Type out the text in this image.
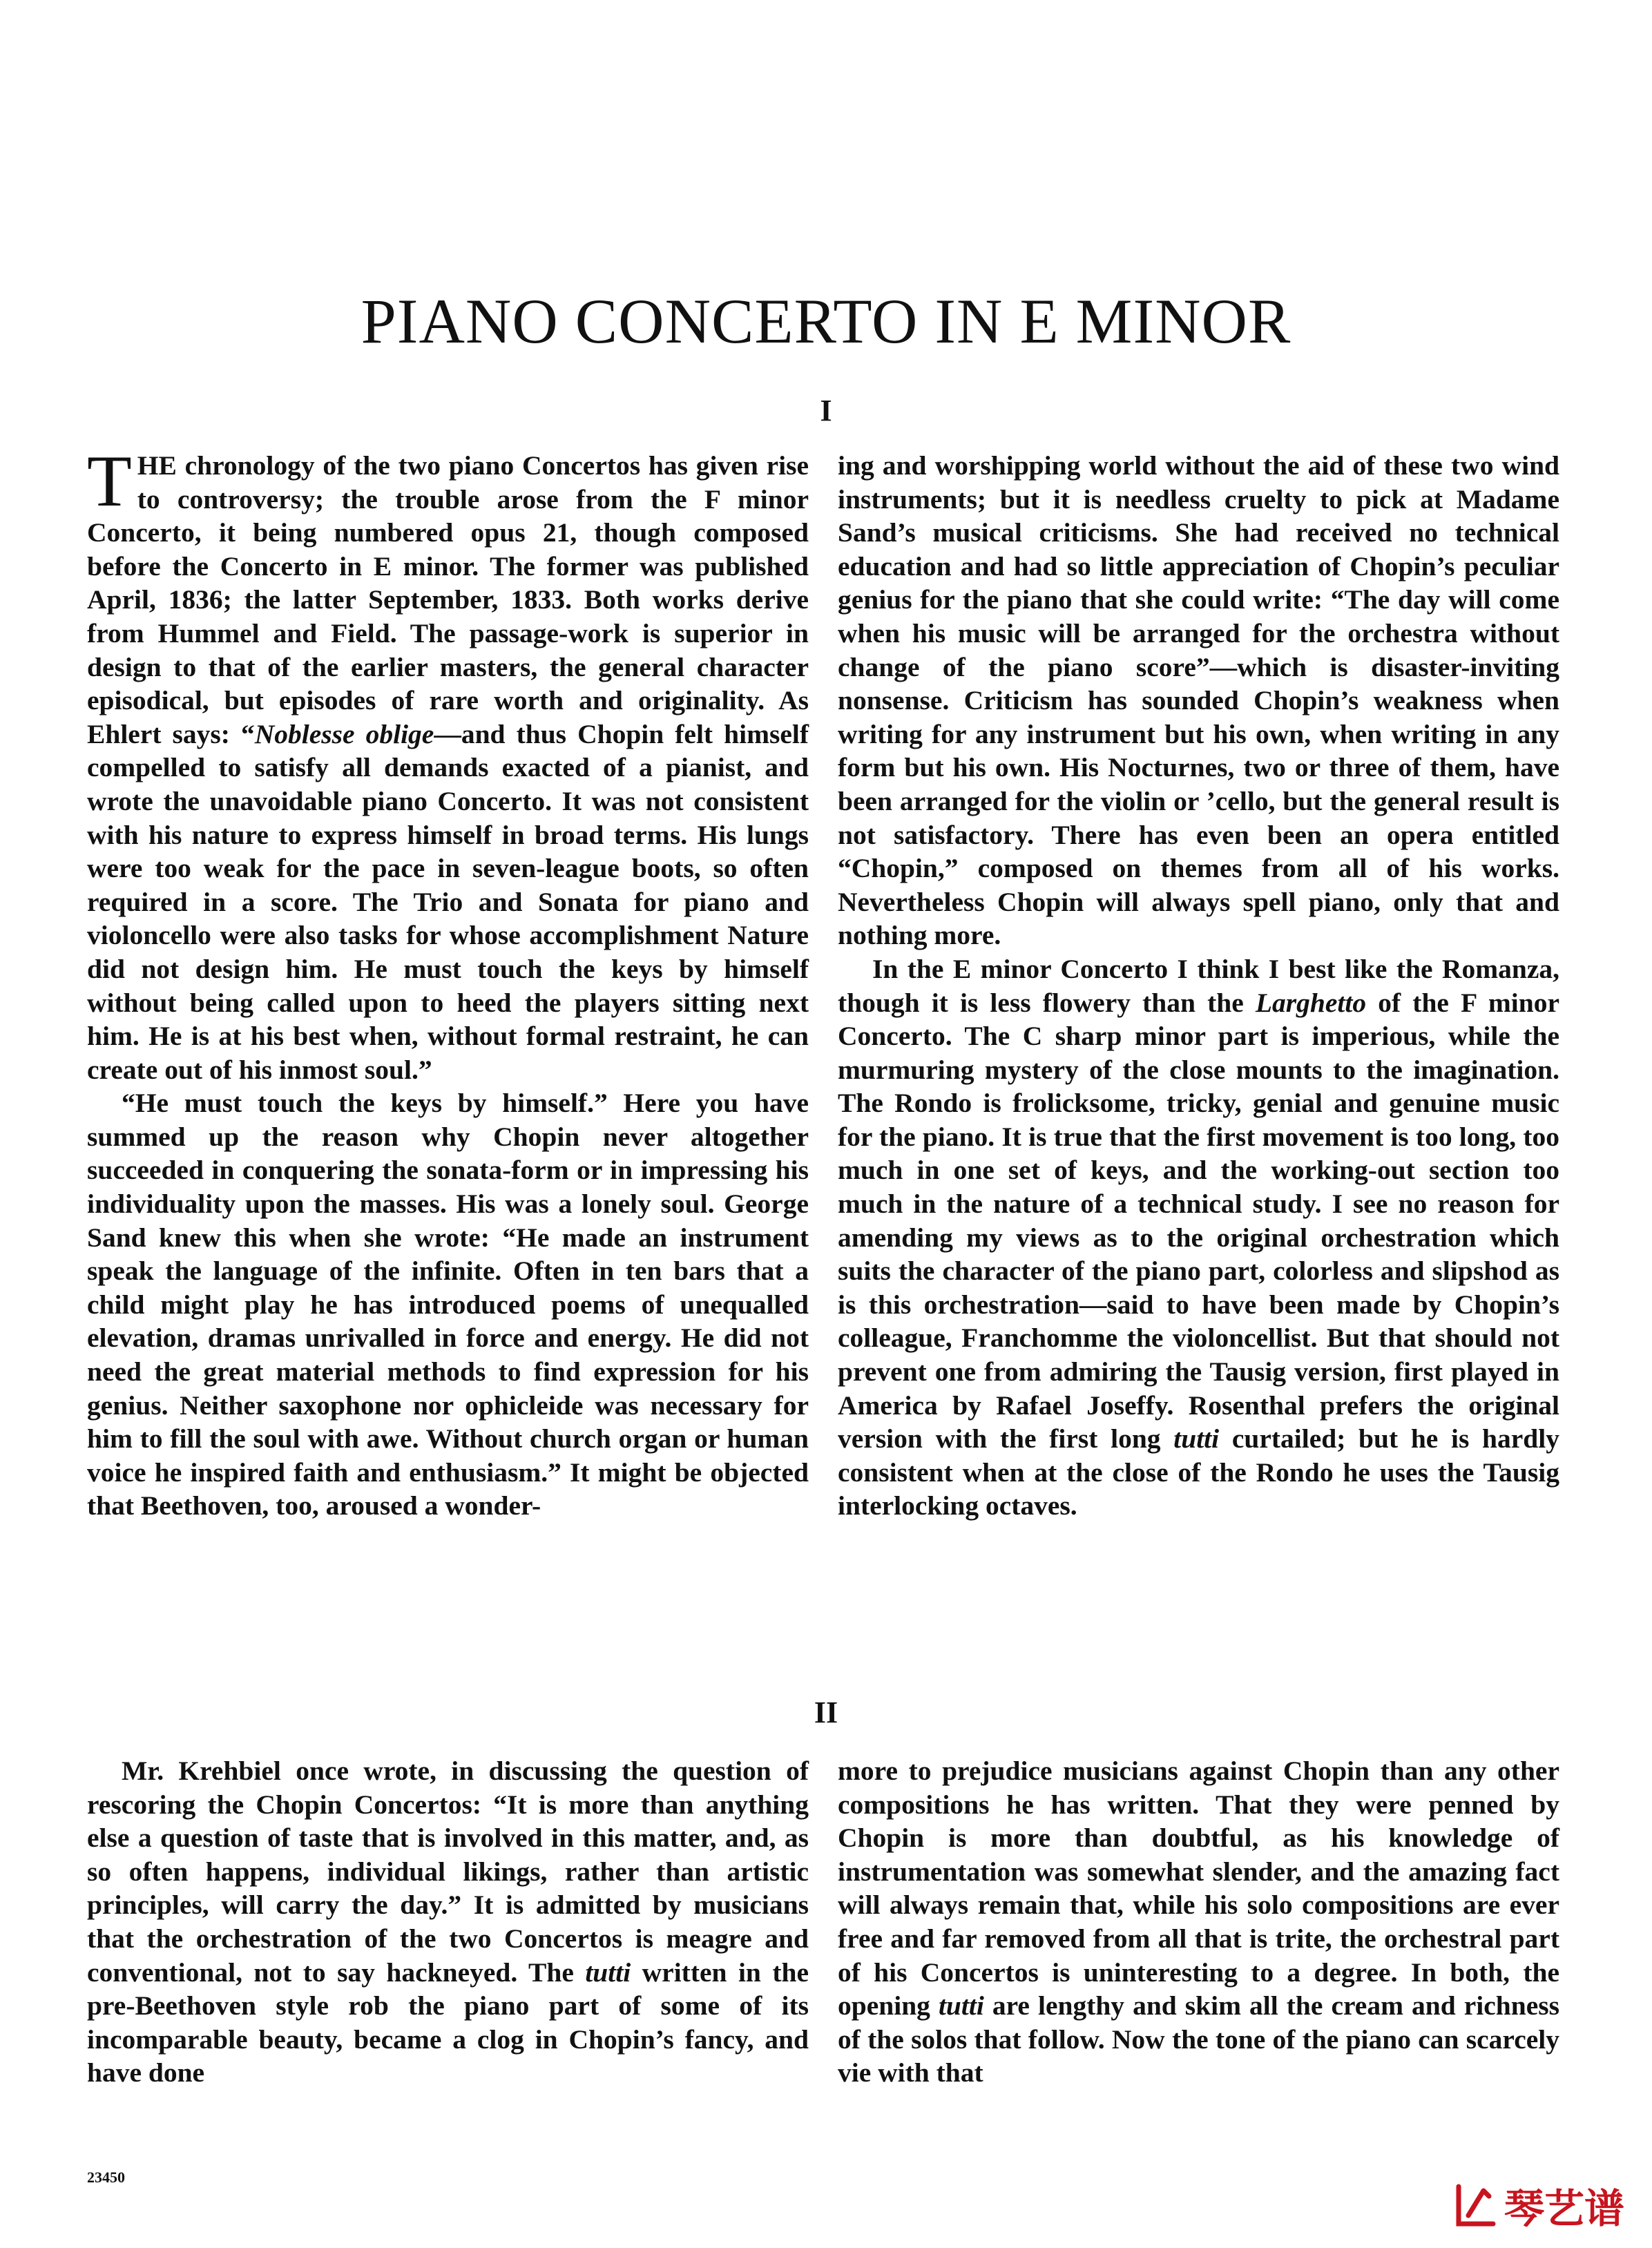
PIANO CONCERTO IN E MINOR
I

THE chronology of the two piano Concertos has given rise to controversy; the trouble arose from the F minor Concerto, it being numbered opus 21, though composed before the Concerto in E minor. The former was published April, 1836; the latter September, 1833. Both works derive from Hummel and Field. The passage-work is superior in design to that of the earlier masters, the general character episodical, but episodes of rare worth and originality. As Ehlert says: “Noblesse oblige—and thus Chopin felt himself compelled to satisfy all demands exacted of a pianist, and wrote the unavoidable piano Concerto. It was not consistent with his nature to express himself in broad terms. His lungs were too weak for the pace in seven-league boots, so often required in a score. The Trio and Sonata for piano and violoncello were also tasks for whose accomplishment Nature did not design him. He must touch the keys by himself without being called upon to heed the players sitting next him. He is at his best when, without formal restraint, he can create out of his inmost soul.”

“He must touch the keys by himself.” Here you have summed up the reason why Chopin never altogether succeeded in conquering the sonata-form or in impressing his individuality upon the masses. His was a lonely soul. George Sand knew this when she wrote: “He made an instrument speak the language of the infinite. Often in ten bars that a child might play he has introduced poems of unequalled elevation, dramas unrivalled in force and energy. He did not need the great material methods to find expression for his genius. Neither saxophone nor ophicleide was necessary for him to fill the soul with awe. Without church organ or human voice he inspired faith and enthusiasm.” It might be objected that Beethoven, too, aroused a wonder-

ing and worshipping world without the aid of these two wind instruments; but it is needless cruelty to pick at Madame Sand’s musical criticisms. She had received no technical education and had so little appreciation of Chopin’s peculiar genius for the piano that she could write: “The day will come when his music will be arranged for the orchestra without change of the piano score”—which is disaster-inviting nonsense. Criticism has sounded Chopin’s weakness when writing for any instrument but his own, when writing in any form but his own. His Nocturnes, two or three of them, have been arranged for the violin or ’cello, but the general result is not satisfactory. There has even been an opera entitled “Chopin,” composed on themes from all of his works. Nevertheless Chopin will always spell piano, only that and nothing more.

In the E minor Concerto I think I best like the Romanza, though it is less flowery than the Larghetto of the F minor Concerto. The C sharp minor part is imperious, while the murmuring mystery of the close mounts to the imagination. The Rondo is frolicksome, tricky, genial and genuine music for the piano. It is true that the first movement is too long, too much in one set of keys, and the working-out section too much in the nature of a technical study. I see no reason for amending my views as to the original orchestration which suits the character of the piano part, colorless and slipshod as is this orchestration—said to have been made by Chopin’s colleague, Franchomme the violoncellist. But that should not prevent one from admiring the Tausig version, first played in America by Rafael Joseffy. Rosenthal prefers the original version with the first long tutti curtailed; but he is hardly consistent when at the close of the Rondo he uses the Tausig interlocking octaves.

II

Mr. Krehbiel once wrote, in discussing the question of rescoring the Chopin Concertos: “It is more than anything else a question of taste that is involved in this matter, and, as so often happens, individual likings, rather than artistic principles, will carry the day.” It is admitted by musicians that the orchestration of the two Concertos is meagre and conventional, not to say hackneyed. The tutti written in the pre-Beethoven style rob the piano part of some of its incomparable beauty, became a clog in Chopin’s fancy, and have done

more to prejudice musicians against Chopin than any other compositions he has written. That they were penned by Chopin is more than doubtful, as his knowledge of instrumentation was somewhat slender, and the amazing fact will always remain that, while his solo compositions are ever free and far removed from all that is trite, the orchestral part of his Concertos is uninteresting to a degree. In both, the opening tutti are lengthy and skim all the cream and richness of the solos that follow. Now the tone of the piano can scarcely vie with that

23450
琴艺谱
